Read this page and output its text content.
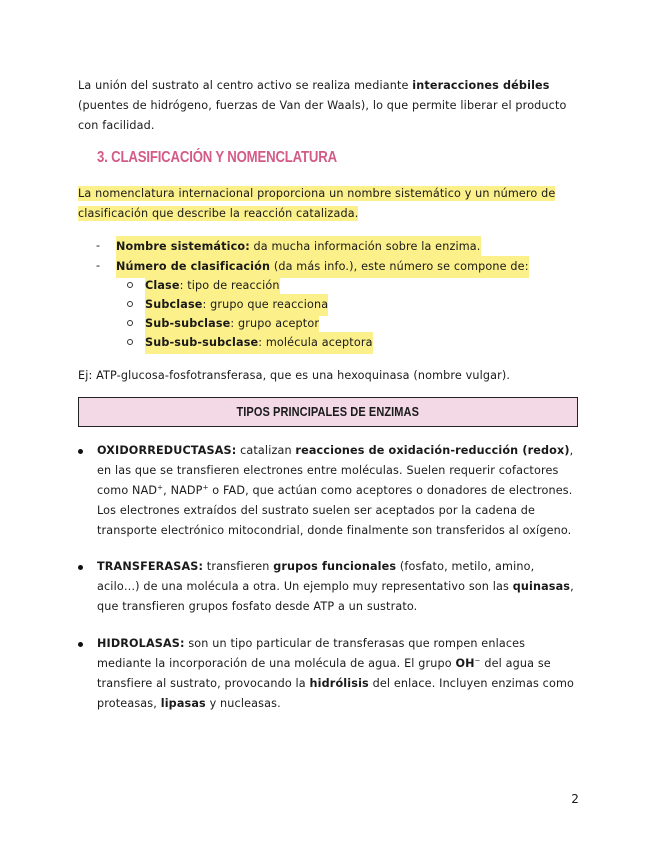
La unión del sustrato al centro activo se realiza mediante interacciones débiles (puentes de hidrógeno, fuerzas de Van der Waals), lo que permite liberar el producto con facilidad.

3. CLASIFICACIÓN Y NOMENCLATURA

La nomenclatura internacional proporciona un nombre sistemático y un número de
clasificación que describe la reacción catalizada.

- Nombre sistemático: da mucha información sobre la enzima.
- Número de clasificación (da más info.), este número se compone de:
Clase: tipo de reacción
Subclase: grupo que reacciona
Sub-subclase: grupo aceptor
Sub-sub-subclase: molécula aceptora

Ej: ATP-glucosa-fosfotransferasa, que es una hexoquinasa (nombre vulgar).

TIPOS PRINCIPALES DE ENZIMAS

OXIDORREDUCTASAS: catalizan reacciones de oxidación-reducción (redox), en las que se transfieren electrones entre moléculas. Suelen requerir cofactores como NAD+, NADP+ o FAD, que actúan como aceptores o donadores de electrones. Los electrones extraídos del sustrato suelen ser aceptados por la cadena de transporte electrónico mitocondrial, donde finalmente son transferidos al oxígeno.

TRANSFERASAS: transfieren grupos funcionales (fosfato, metilo, amino, acilo…) de una molécula a otra. Un ejemplo muy representativo son las quinasas, que transfieren grupos fosfato desde ATP a un sustrato.

HIDROLASAS: son un tipo particular de transferasas que rompen enlaces mediante la incorporación de una molécula de agua. El grupo OH− del agua se transfiere al sustrato, provocando la hidrólisis del enlace. Incluyen enzimas como proteasas, lipasas y nucleasas.

2
